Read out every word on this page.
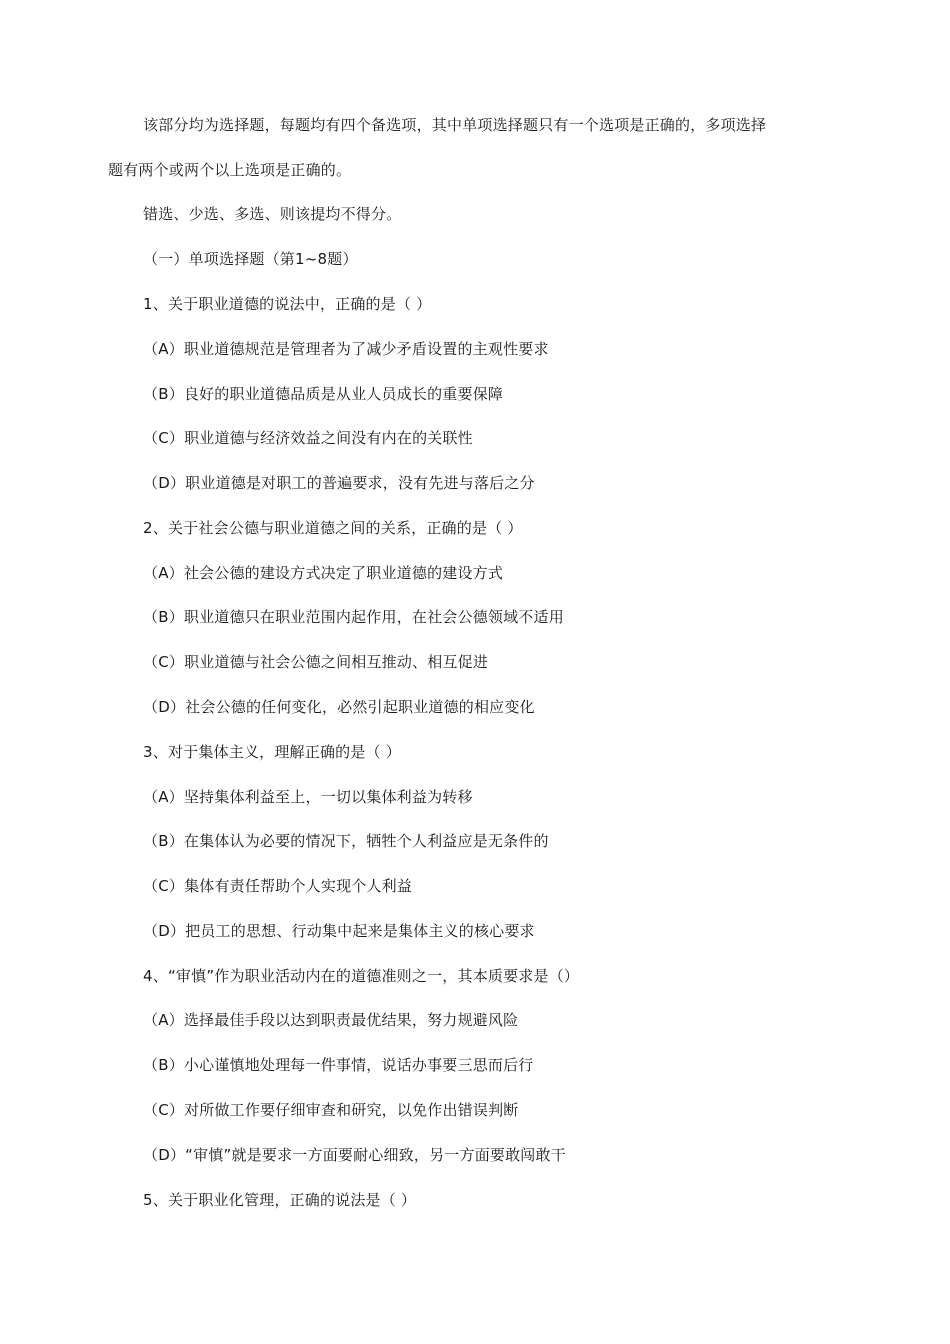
该部分均为选择题，每题均有四个备选项，其中单项选择题只有一个选项是正确的，多项选择
题有两个或两个以上选项是正确的。
错选、少选、多选、则该提均不得分。
（一）单项选择题（第1~8题）
1、关于职业道德的说法中，正确的是（ ）
（A）职业道德规范是管理者为了减少矛盾设置的主观性要求
（B）良好的职业道德品质是从业人员成长的重要保障
（C）职业道德与经济效益之间没有内在的关联性
（D）职业道德是对职工的普遍要求，没有先进与落后之分
2、关于社会公德与职业道德之间的关系，正确的是（ ）
（A）社会公德的建设方式决定了职业道德的建设方式
（B）职业道德只在职业范围内起作用，在社会公德领域不适用
（C）职业道德与社会公德之间相互推动、相互促进
（D）社会公德的任何变化，必然引起职业道德的相应变化
3、对于集体主义，理解正确的是（ ）
（A）坚持集体利益至上，一切以集体利益为转移
（B）在集体认为必要的情况下，牺牲个人利益应是无条件的
（C）集体有责任帮助个人实现个人利益
（D）把员工的思想、行动集中起来是集体主义的核心要求
4、“审慎”作为职业活动内在的道德准则之一，其本质要求是（）
（A）选择最佳手段以达到职责最优结果，努力规避风险
（B）小心谨慎地处理每一件事情，说话办事要三思而后行
（C）对所做工作要仔细审查和研究，以免作出错误判断
（D）“审慎”就是要求一方面要耐心细致，另一方面要敢闯敢干
5、关于职业化管理，正确的说法是（ ）
